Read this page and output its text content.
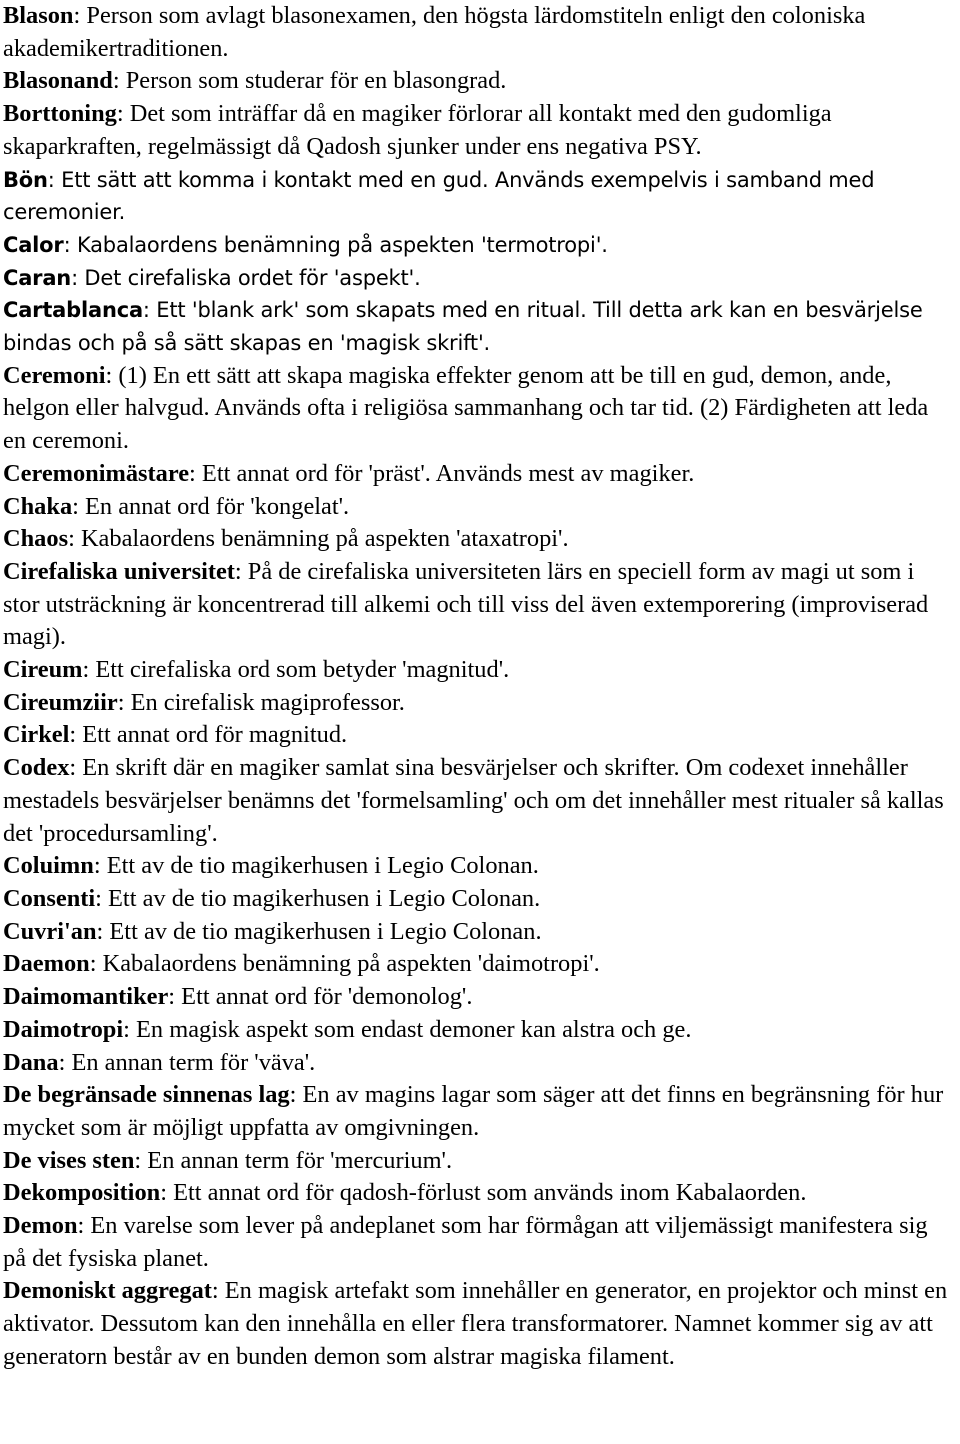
Blason: Person som avlagt blasonexamen, den högsta lärdomstiteln enligt den coloniska akademikertraditionen.

Blasonand: Person som studerar för en blasongrad.

Borttoning: Det som inträffar då en magiker förlorar all kontakt med den gudomliga skaparkraften, regelmässigt då Qadosh sjunker under ens negativa PSY.

Bön: Ett sätt att komma i kontakt med en gud. Används exempelvis i samband med ceremonier.

Calor: Kabalaordens benämning på aspekten 'termotropi'.

Caran: Det cirefaliska ordet för 'aspekt'.

Cartablanca: Ett 'blank ark' som skapats med en ritual. Till detta ark kan en besvärjelse bindas och på så sätt skapas en 'magisk skrift'.

Ceremoni: (1) En ett sätt att skapa magiska effekter genom att be till en gud, demon, ande, helgon eller halvgud. Används ofta i religiösa sammanhang och tar tid. (2) Färdigheten att leda en ceremoni.

Ceremonimästare: Ett annat ord för 'präst'. Används mest av magiker.

Chaka: En annat ord för 'kongelat'.

Chaos: Kabalaordens benämning på aspekten 'ataxatropi'.

Cirefaliska universitet: På de cirefaliska universiteten lärs en speciell form av magi ut som i stor utsträckning är koncentrerad till alkemi och till viss del även extemporering (improviserad magi).

Cireum: Ett cirefaliska ord som betyder 'magnitud'.

Cireumziir: En cirefalisk magiprofessor.

Cirkel: Ett annat ord för magnitud.

Codex: En skrift där en magiker samlat sina besvärjelser och skrifter. Om codexet innehåller mestadels besvärjelser benämns det 'formelsamling' och om det innehåller mest ritualer så kallas det 'procedursamling'.

Coluimn: Ett av de tio magikerhusen i Legio Colonan.

Consenti: Ett av de tio magikerhusen i Legio Colonan.

Cuvri'an: Ett av de tio magikerhusen i Legio Colonan.

Daemon: Kabalaordens benämning på aspekten 'daimotropi'.

Daimomantiker: Ett annat ord för 'demonolog'.

Daimotropi: En magisk aspekt som endast demoner kan alstra och ge.

Dana: En annan term för 'väva'.

De begränsade sinnenas lag: En av magins lagar som säger att det finns en begränsning för hur mycket som är möjligt uppfatta av omgivningen.

De vises sten: En annan term för 'mercurium'.

Dekomposition: Ett annat ord för qadosh-förlust som används inom Kabalaorden.

Demon: En varelse som lever på andeplanet som har förmågan att viljemässigt manifestera sig på det fysiska planet.

Demoniskt aggregat: En magisk artefakt som innehåller en generator, en projektor och minst en aktivator. Dessutom kan den innehålla en eller flera transformatorer. Namnet kommer sig av att generatorn består av en bunden demon som alstrar magiska filament.
